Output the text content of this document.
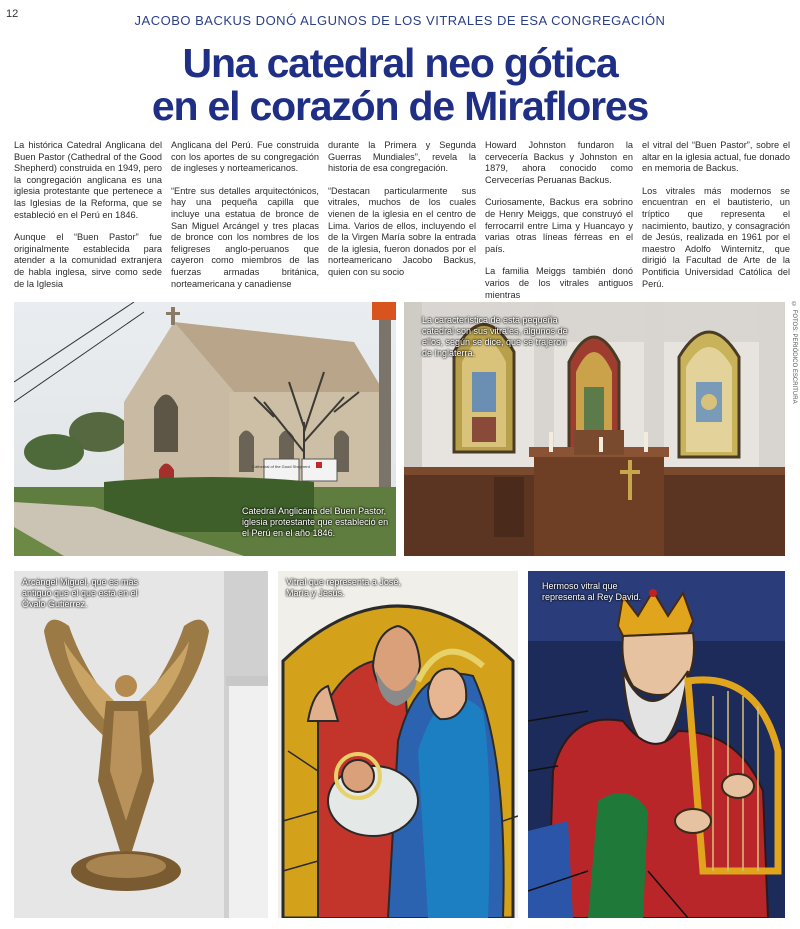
12	JACOBO BACKUS DONÓ ALGUNOS DE LOS VITRALES DE ESA CONGREGACIÓN
Una catedral neo gótica
en el corazón de Miraflores

La histórica Catedral Anglicana del Buen Pastor (Cathedral of the Good Shepherd) construida en 1949, pero la congregación anglicana es una iglesia protestante que pertenece a las Iglesias de la Reforma, que se estableció en el Perú en 1846.

Aunque el “Buen Pastor” fue originalmente establecida para atender a la comunidad extranjera de habla inglesa, sirve como sede de la Iglesia

Anglicana del Perú. Fue construida con los aportes de su congregación de ingleses y norteamericanos.

“Entre sus detalles arquitectónicos, hay una pequeña capilla que incluye una estatua de bronce de San Miguel Arcángel y tres placas de bronce con los nombres de los feligreses anglo-peruanos que cayeron como miembros de las fuerzas armadas británica, norteamericana y canadiense

durante la Primera y Segunda Guerras Mundiales”, revela la historia de esa congregación.

“Destacan particularmente sus vitrales, muchos de los cuales vienen de la iglesia en el centro de Lima. Varios de ellos, incluyendo el de la Virgen María sobre la entrada de la iglesia, fueron donados por el norteamericano Jacobo Backus, quien con su socio

Howard Johnston fundaron la cervecería Backus y Johnston en 1879, ahora conocido como Cervecerías Peruanas Backus.

Curiosamente, Backus era sobrino de Henry Meiggs, que construyó el ferrocarril entre Lima y Huancayo y varias otras líneas férreas en el país.

La familia Meiggs también donó varios de los vitrales antiguos mientras

el vitral del “Buen Pastor”, sobre el altar en la iglesia actual, fue donado en memoria de Backus.

Los vitrales más modernos se encuentran en el bautisterio, un tríptico que representa el nacimiento, bautizo, y consagración de Jesús, realizada en 1961 por el maestro Adolfo Winternitz, que dirigió la Facultad de Arte de la Pontificia Universidad Católica del Perú.

© FOTOS: PERIÓDICO ESCRITURA
Cathedral of the Good Shepherd
Catedral Anglicana del Buen Pastor, iglesia protestante que estableció en el Perú en el año 1846.
La característica de esta pequeña catedral son sus vitrales, algunos de ellos, según se dice, que se trajeron de Inglaterra.
Arcángel Miguel, que es más antiguo que el que está en el Óvalo Gutiérrez.
Vitral que representa a José, María y Jesús.
Hermoso vitral que representa al Rey David.
